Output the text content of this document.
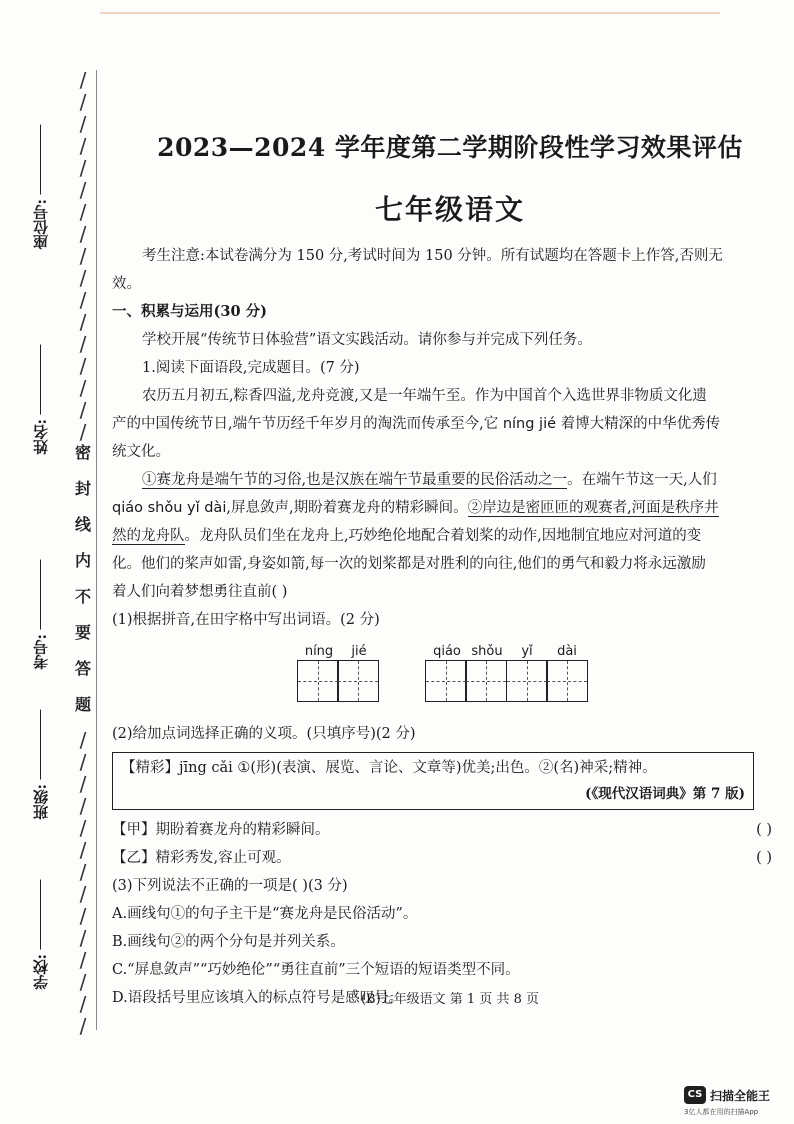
座位号:
姓名:
考号:
班级:
学校:
/
/
/
/
/
/
/
/
/
/
/
/
/
/
/
/
/
/
/
/
/
/
/
/
/
/
/
/
/
/
/
密
封
线
内
不
要
答
题
2023—2024 学年度第二学期阶段性学习效果评估
七年级语文
考生注意:本试卷满分为 150 分,考试时间为 150 分钟。所有试题均在答题卡上作答,否则无
效。
一、积累与运用(30 分)
学校开展“传统节日体验营”语文实践活动。请你参与并完成下列任务。
1.阅读下面语段,完成题目。(7 分)
农历五月初五,粽香四溢,龙舟竞渡,又是一年端午至。作为中国首个入选世界非物质文化遗
产的中国传统节日,端午节历经千年岁月的淘洗而传承至今,它 níng jié 着博大精深的中华优秀传
统文化。
①赛龙舟是端午节的习俗,也是汉族在端午节最重要的民俗活动之一。在端午节这一天,人们
qiáo shǒu yǐ dài,屏息敛声,期盼着赛龙舟的精彩瞬间。②岸边是密匝匝的观赛者,河面是秩序井
然的龙舟队。龙舟队员们坐在龙舟上,巧妙绝伦地配合着划桨的动作,因地制宜地应对河道的变
化。他们的桨声如雷,身姿如箭,每一次的划桨都是对胜利的向往,他们的勇气和毅力将永远激励
着人们向着梦想勇往直前( )
(1)根据拼音,在田字格中写出词语。(2 分)
níng	jié	qiáo shǒu	yǐ	dài
(2)给加点词选择正确的义项。(只填序号)(2 分)
【精彩】jīng cǎi ①(形)(表演、展览、言论、文章等)优美;出色。②(名)神采;精神。
(《现代汉语词典》第 7 版)
【甲】期盼着赛龙舟的精彩瞬间。	( )
【乙】精彩秀发,容止可观。	( )
(3)下列说法不正确的一项是( )(3 分)
A.画线句①的句子主干是“赛龙舟是民俗活动”。
B.画线句②的两个分句是并列关系。
C.“屏息敛声”“巧妙绝伦”“勇往直前”三个短语的短语类型不同。
D.语段括号里应该填入的标点符号是感叹号。
(B)七年级语文 第 1 页 共 8 页
CS 扫描全能王
3亿人都在用的扫描App
